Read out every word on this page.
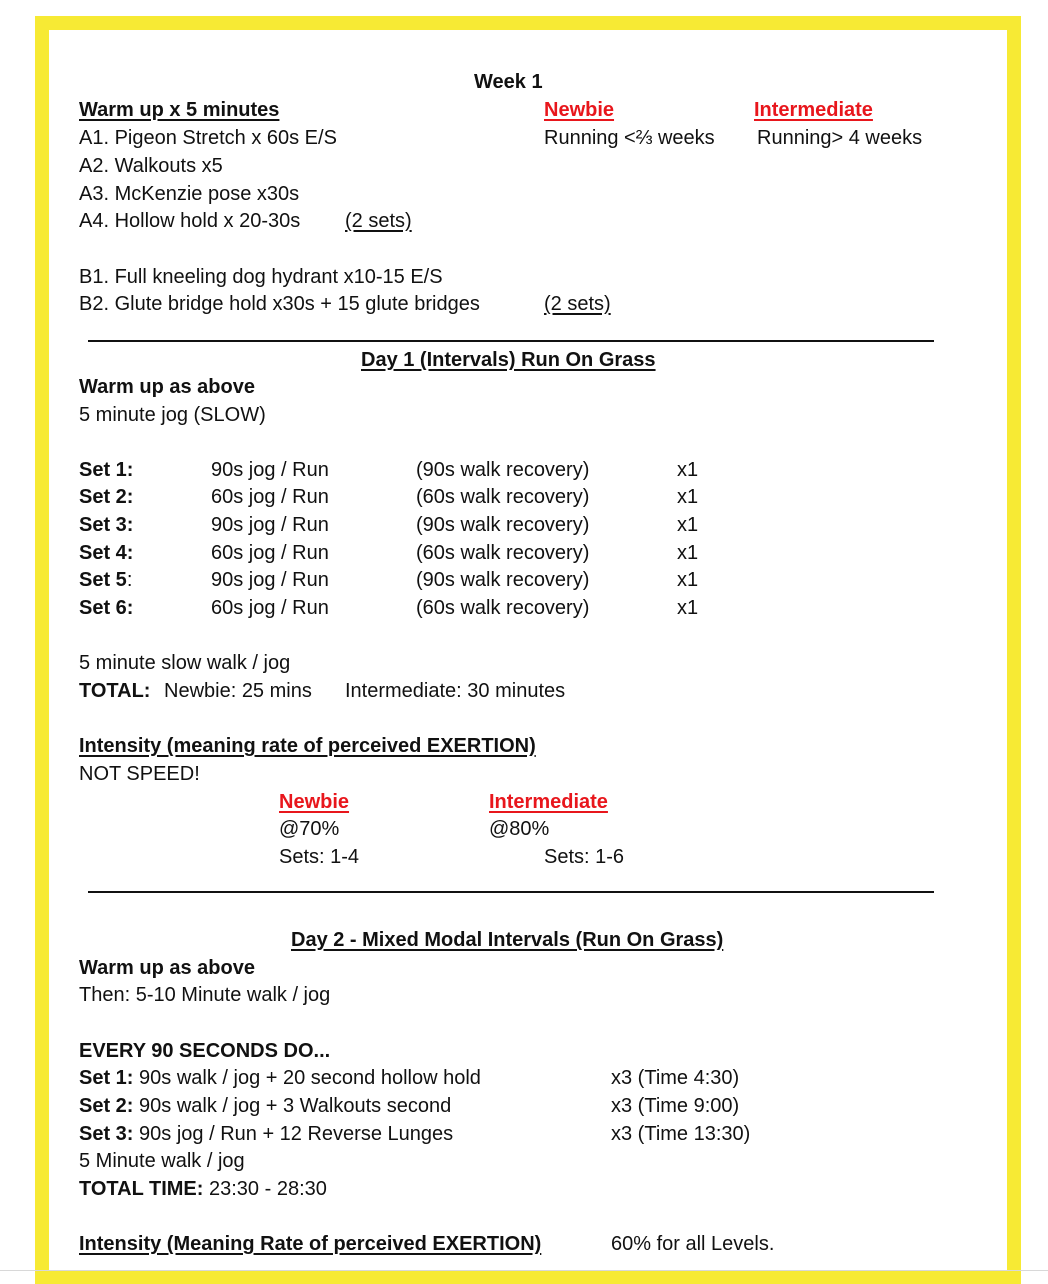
Week 1
Warm up x 5 minutes	Newbie	Intermediate
A1. Pigeon Stretch x 60s E/S	Running <⅔ weeks Running> 4 weeks
A2. Walkouts x5
A3. McKenzie pose x30s
A4. Hollow hold x 20-30s (2 sets)
B1. Full kneeling dog hydrant x10-15 E/S
B2. Glute bridge hold x30s + 15 glute bridges	(2 sets)
Day 1 (Intervals) Run On Grass
Warm up as above
5 minute jog (SLOW)
Set 1:	90s jog / Run	(90s walk recovery)	x1
Set 2:	60s jog / Run	(60s walk recovery)	x1
Set 3:	90s jog / Run	(90s walk recovery)	x1
Set 4:	60s jog / Run	(60s walk recovery)	x1
Set 5:	90s jog / Run	(90s walk recovery)	x1
Set 6:	60s jog / Run	(60s walk recovery)	x1
5 minute slow walk / jog
TOTAL: Newbie: 25 mins Intermediate: 30 minutes
Intensity (meaning rate of perceived EXERTION)
NOT SPEED!
Newbie	Intermediate
@70%	@80%
Sets: 1-4	Sets: 1-6
Day 2 - Mixed Modal Intervals (Run On Grass)
Warm up as above
Then: 5-10 Minute walk / jog
EVERY 90 SECONDS DO...
Set 1: 90s walk / jog + 20 second hollow hold	x3 (Time 4:30)
Set 2: 90s walk / jog + 3 Walkouts second	x3 (Time 9:00)
Set 3: 90s jog / Run + 12 Reverse Lunges	x3 (Time 13:30)
5 Minute walk / jog
TOTAL TIME: 23:30 - 28:30
Intensity (Meaning Rate of perceived EXERTION)	60% for all Levels.
